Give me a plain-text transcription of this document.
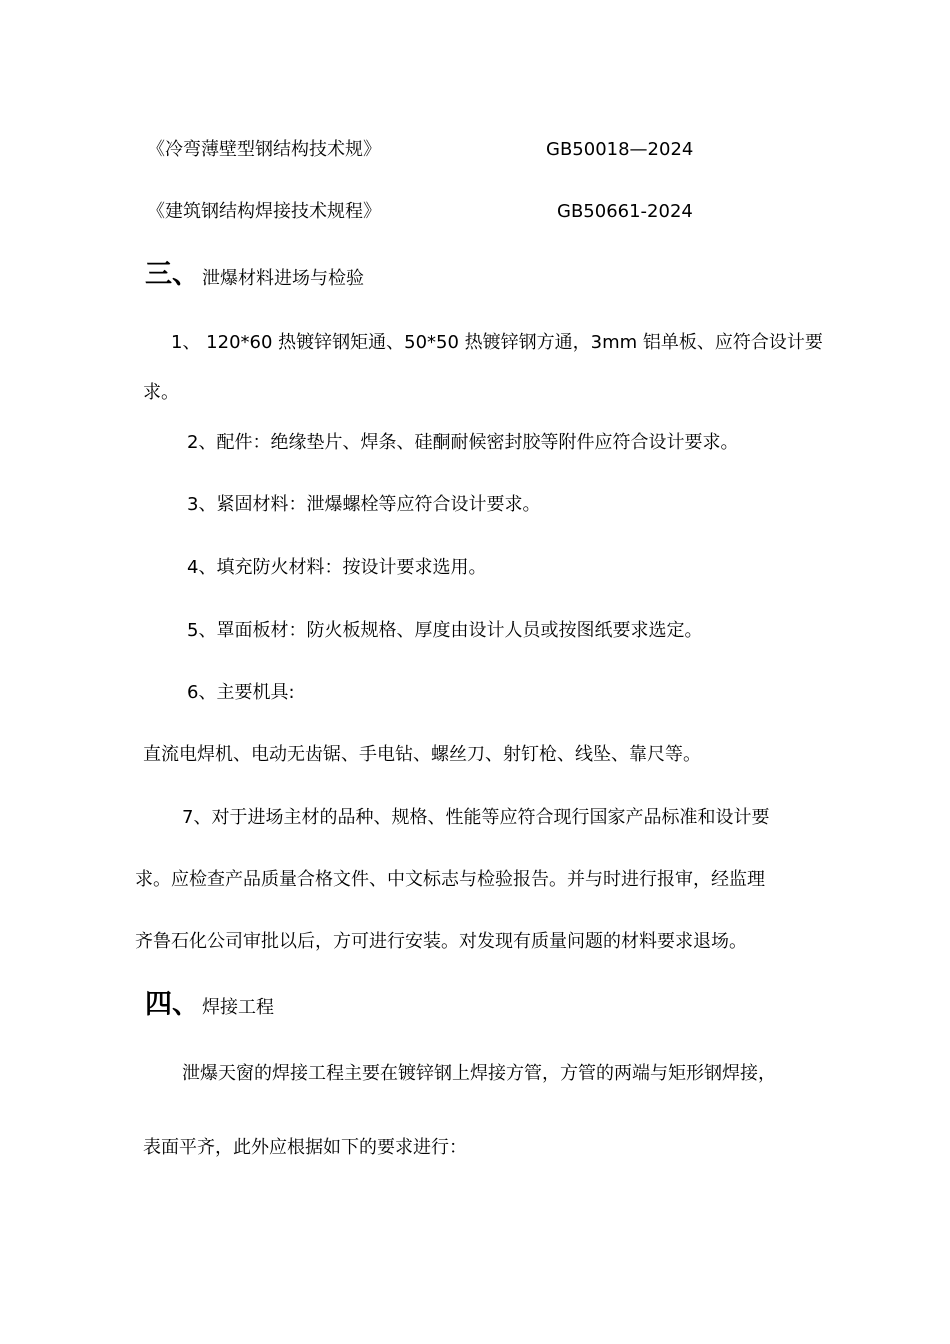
《冷弯薄壁型钢结构技术规》	GB50018—2024
《建筑钢结构焊接技术规程》	GB50661-2024
三、 泄爆材料进场与检验
1、 120*60 热镀锌钢矩通、50*50 热镀锌钢方通，3mm 铝单板、应符合设计要
求。
2、配件：绝缘垫片、焊条、硅酮耐候密封胶等附件应符合设计要求。
3、紧固材料：泄爆螺栓等应符合设计要求。
4、填充防火材料：按设计要求选用。
5、罩面板材：防火板规格、厚度由设计人员或按图纸要求选定。
6、主要机具:
直流电焊机、电动无齿锯、手电钻、螺丝刀、射钉枪、线坠、靠尺等。
7、对于进场主材的品种、规格、性能等应符合现行国家产品标准和设计要
求。应检查产品质量合格文件、中文标志与检验报告。并与时进行报审，经监理
齐鲁石化公司审批以后，方可进行安装。对发现有质量问题的材料要求退场。
四、 焊接工程
泄爆天窗的焊接工程主要在镀锌钢上焊接方管，方管的两端与矩形钢焊接，
表面平齐，此外应根据如下的要求进行：
